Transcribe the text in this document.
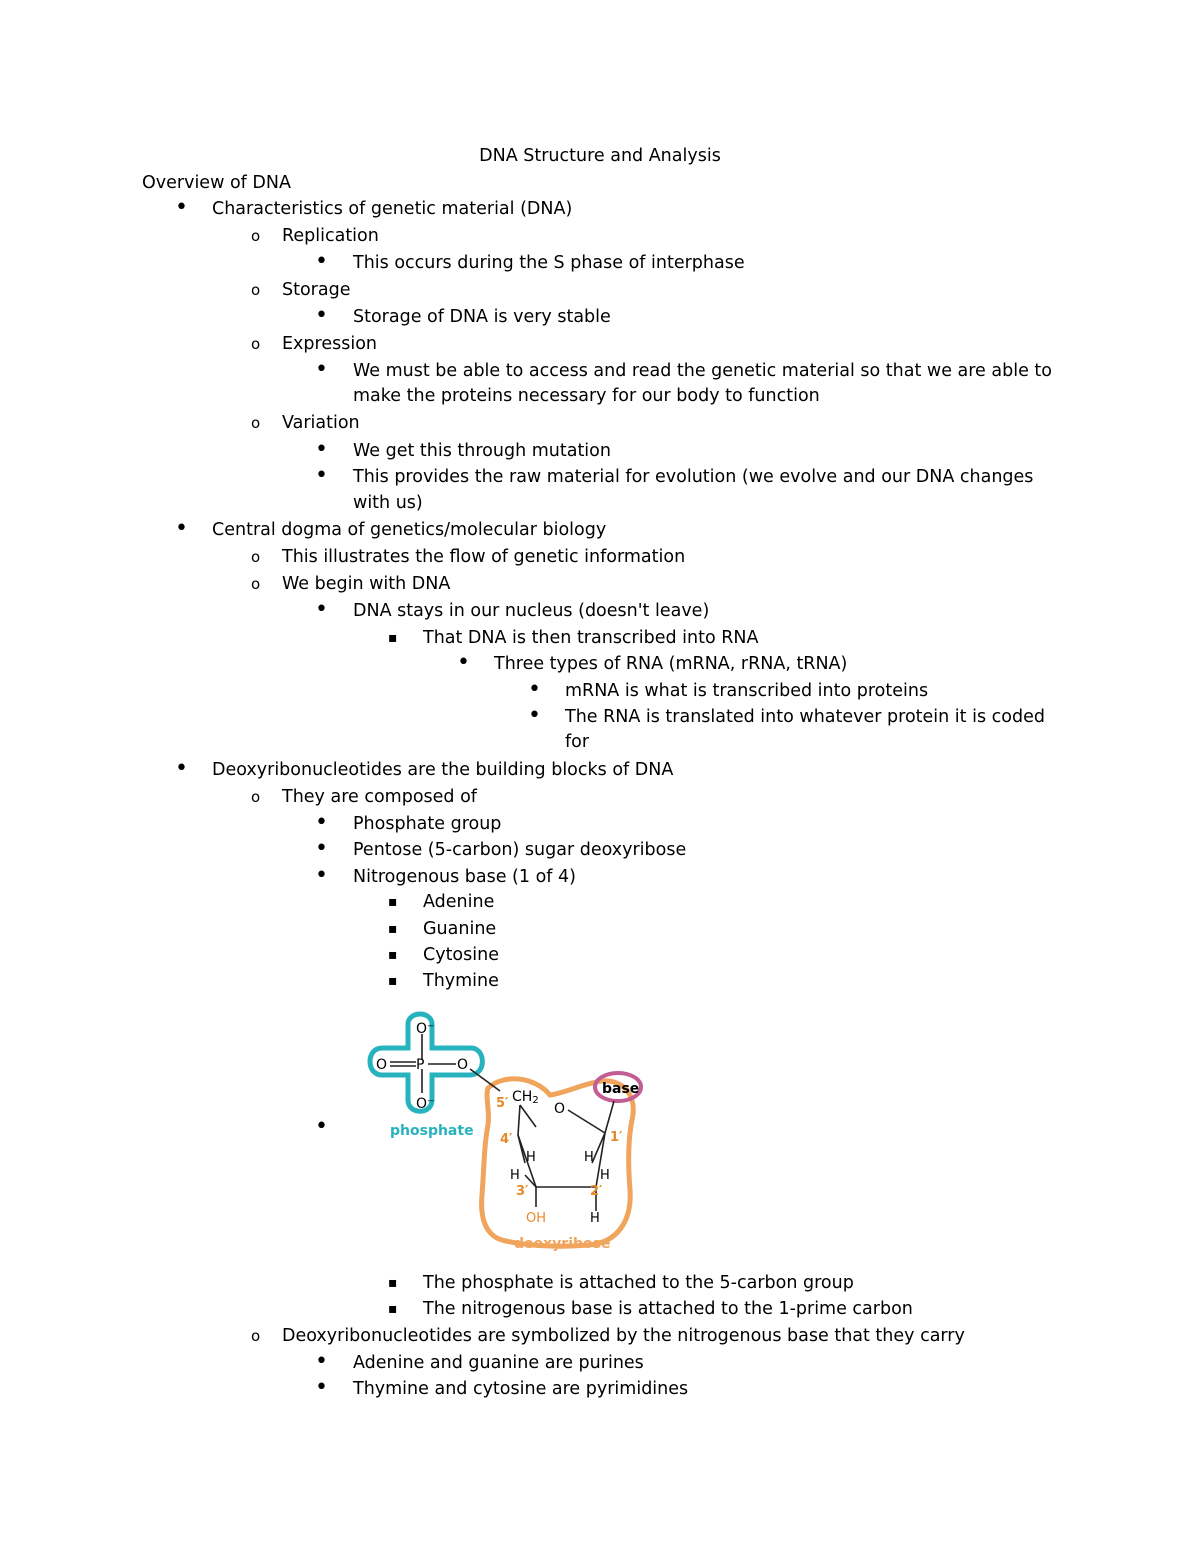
DNA Structure and Analysis
Overview of DNA
•
Characteristics of genetic material (DNA)
o
Replication
•
This occurs during the S phase of interphase
o
Storage
•
Storage of DNA is very stable
o
Expression
•
We must be able to access and read the genetic material so that we are able to
make the proteins necessary for our body to function
o
Variation
•
We get this through mutation
•
This provides the raw material for evolution (we evolve and our DNA changes
with us)
•
Central dogma of genetics/molecular biology
o
This illustrates the flow of genetic information
o
We begin with DNA
•
DNA stays in our nucleus (doesn't leave)
▪
That DNA is then transcribed into RNA
•
Three types of RNA (mRNA, rRNA, tRNA)
•
mRNA is what is transcribed into proteins
•
The RNA is translated into whatever protein it is coded
for
•
Deoxyribonucleotides are the building blocks of DNA
o
They are composed of
•
Phosphate group
•
Pentose (5-carbon) sugar deoxyribose
•
Nitrogenous base (1 of 4)
▪
Adenine
▪
Guanine
▪
Cytosine
▪
Thymine
•
O⁻
O P O
O⁻	CH2
O
H
H
H
H
OH	H
5′
4′
3′	2′
1′
phosphate
deoxyribose
base
▪
The phosphate is attached to the 5-carbon group
▪
The nitrogenous base is attached to the 1-prime carbon
o
Deoxyribonucleotides are symbolized by the nitrogenous base that they carry
•
Adenine and guanine are purines
•
Thymine and cytosine are pyrimidines
